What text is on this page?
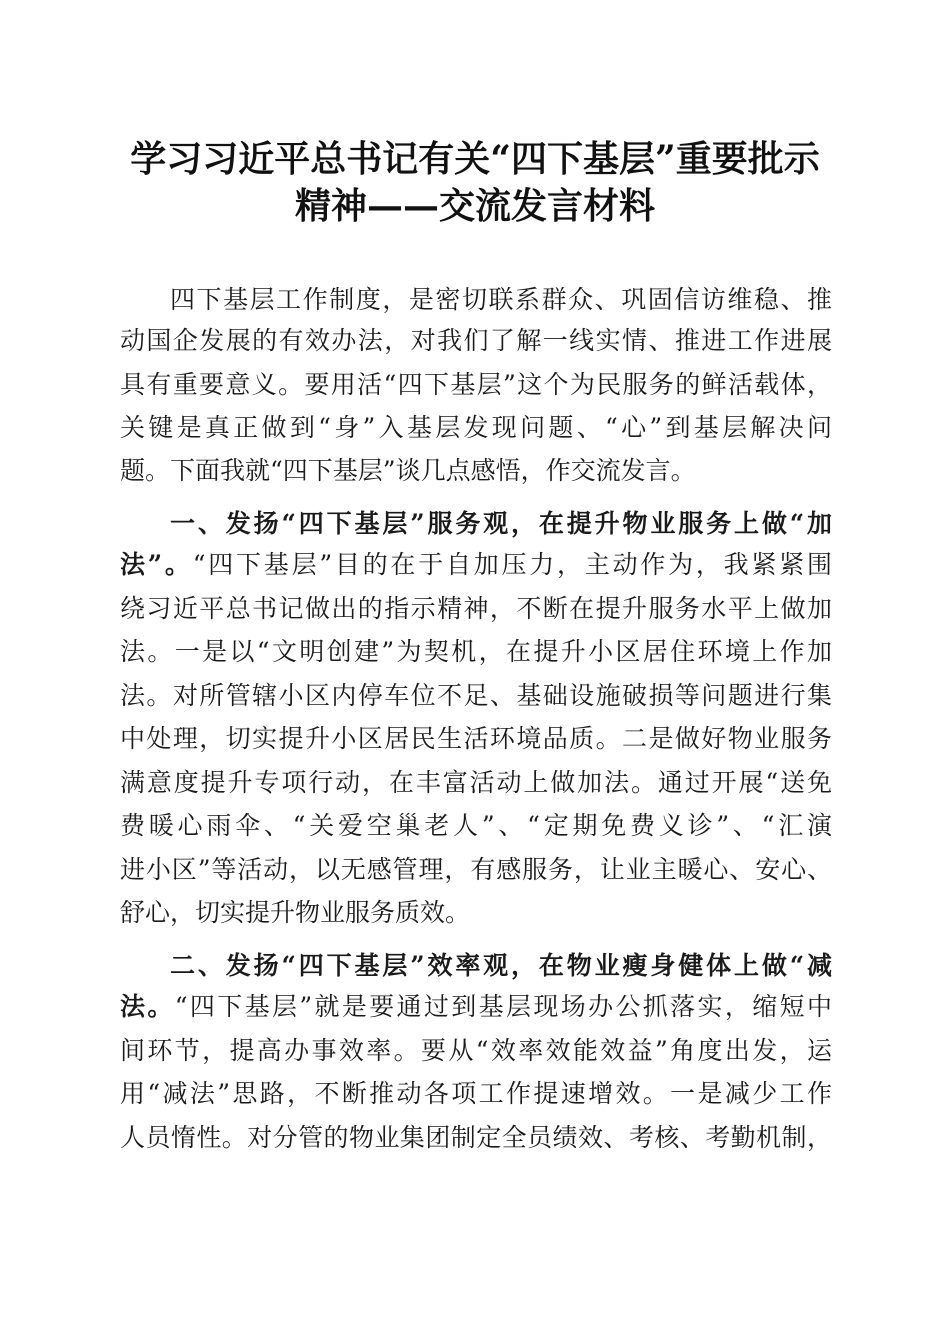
学习习近平总书记有关“四下基层”重要批示
精神——交流发言材料
四下基层工作制度，是密切联系群众、巩固信访维稳、推
动国企发展的有效办法，对我们了解一线实情、推进工作进展
具有重要意义。要用活“四下基层”这个为民服务的鲜活载体，
关键是真正做到“身”入基层发现问题、“心”到基层解决问
题。下面我就“四下基层”谈几点感悟，作交流发言。
一、发扬“四下基层”服务观，在提升物业服务上做“加
法”。“四下基层”目的在于自加压力，主动作为，我紧紧围
绕习近平总书记做出的指示精神，不断在提升服务水平上做加
法。一是以“文明创建”为契机，在提升小区居住环境上作加
法。对所管辖小区内停车位不足、基础设施破损等问题进行集
中处理，切实提升小区居民生活环境品质。二是做好物业服务
满意度提升专项行动，在丰富活动上做加法。通过开展“送免
费暖心雨伞、“关爱空巢老人”、“定期免费义诊”、“汇演
进小区”等活动，以无感管理，有感服务，让业主暖心、安心、
舒心，切实提升物业服务质效。
二、发扬“四下基层”效率观，在物业瘦身健体上做“减
法。“四下基层”就是要通过到基层现场办公抓落实，缩短中
间环节，提高办事效率。要从“效率效能效益”角度出发，运
用“减法”思路，不断推动各项工作提速增效。一是减少工作
人员惰性。对分管的物业集团制定全员绩效、考核、考勤机制，
